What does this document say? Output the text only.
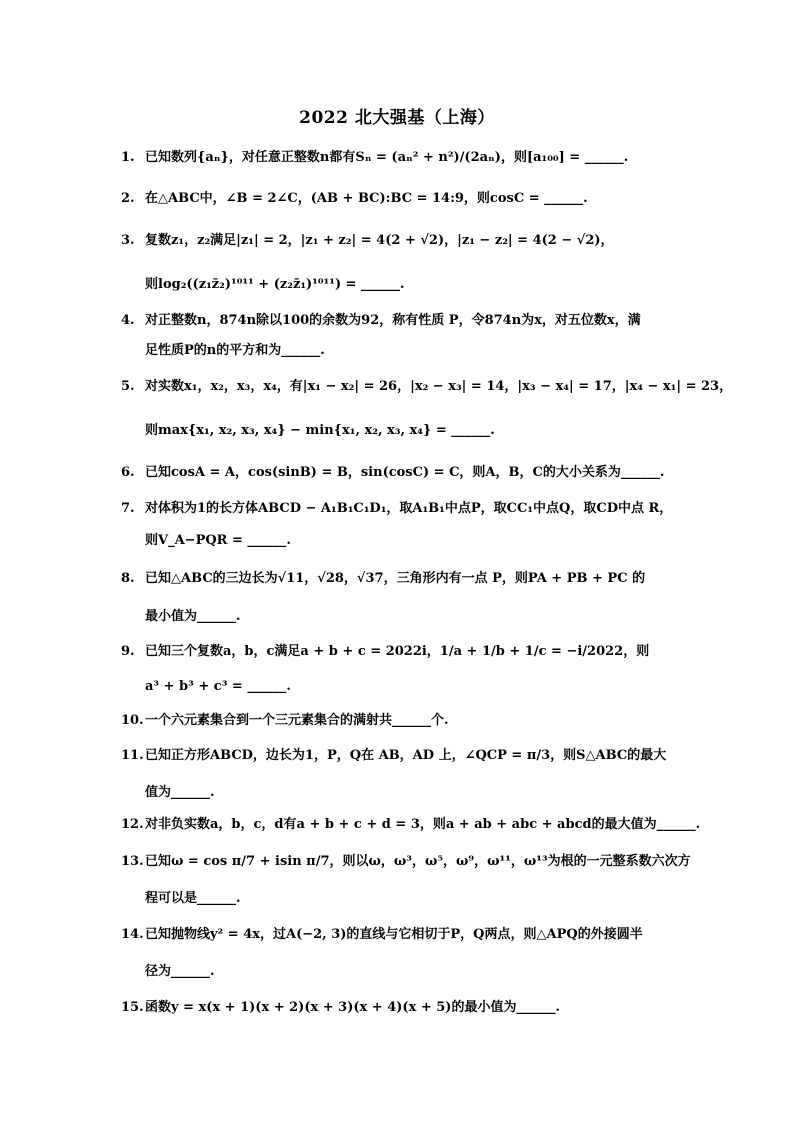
2022 北大强基（上海）
1. 已知数列{aₙ}，对任意正整数n都有Sₙ = (aₙ² + n²)/(2aₙ)，则[a₁₀₀] = ______.
2. 在△ABC中，∠B = 2∠C，(AB + BC):BC = 14:9，则cosC = ______.
3. 复数z₁，z₂满足|z₁| = 2，|z₁ + z₂| = 4(2 + √2)，|z₁ − z₂| = 4(2 − √2)，
则log₂((z₁z̄₂)¹⁰¹¹ + (z₂z̄₁)¹⁰¹¹) = ______.
4. 对正整数n，874n除以100的余数为92，称有性质 P，令874n为x，对五位数x，满
足性质P的n的平方和为______.
5. 对实数x₁，x₂，x₃，x₄，有|x₁ − x₂| = 26，|x₂ − x₃| = 14，|x₃ − x₄| = 17，|x₄ − x₁| = 23，
则max{x₁, x₂, x₃, x₄} − min{x₁, x₂, x₃, x₄} = ______.
6. 已知cosA = A，cos(sinB) = B，sin(cosC) = C，则A，B，C的大小关系为______.
7. 对体积为1的长方体ABCD − A₁B₁C₁D₁，取A₁B₁中点P，取CC₁中点Q，取CD中点 R，
则V_A−PQR = ______.
8. 已知△ABC的三边长为√11，√28，√37，三角形内有一点 P，则PA + PB + PC 的
最小值为______.
9. 已知三个复数a，b，c满足a + b + c = 2022i，1/a + 1/b + 1/c = −i/2022，则
a³ + b³ + c³ = ______.
10. 一个六元素集合到一个三元素集合的满射共______个.
11. 已知正方形ABCD，边长为1，P，Q在 AB，AD 上，∠QCP = π/3，则S△ABC的最大
值为______.
12. 对非负实数a，b，c，d有a + b + c + d = 3，则a + ab + abc + abcd的最大值为______.
13. 已知ω = cos π/7 + isin π/7，则以ω，ω³，ω⁵，ω⁹，ω¹¹，ω¹³为根的一元整系数六次方
程可以是______.
14. 已知抛物线y² = 4x，过A(−2, 3)的直线与它相切于P，Q两点，则△APQ的外接圆半
径为______.
15. 函数y = x(x + 1)(x + 2)(x + 3)(x + 4)(x + 5)的最小值为______.
